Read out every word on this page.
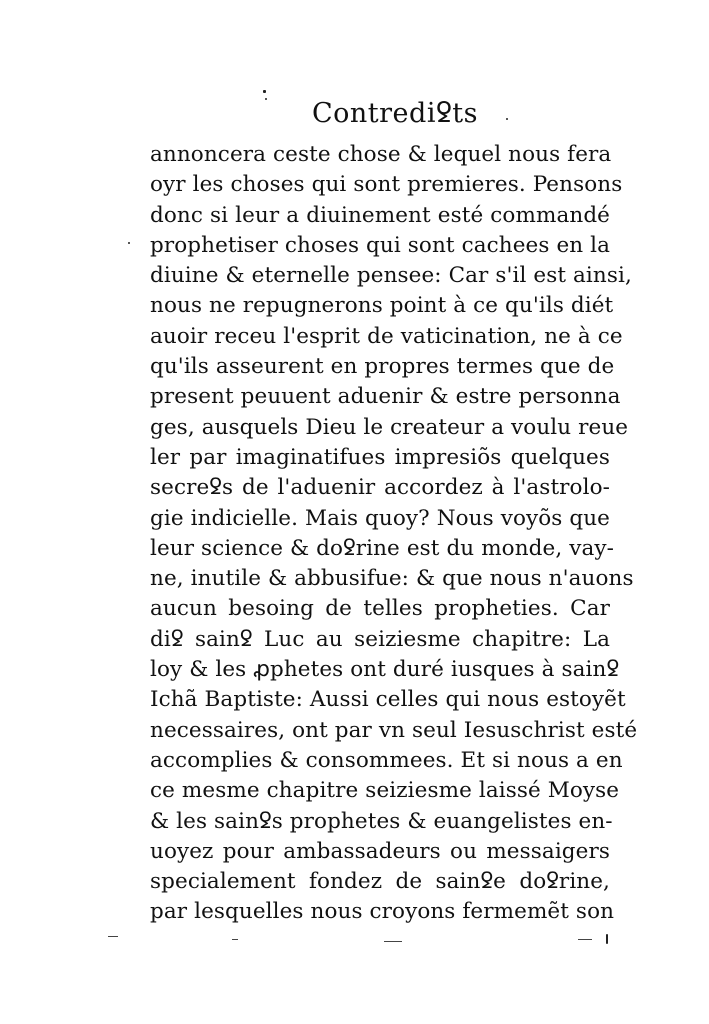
Contrediꝿts
annoncera ceste chose & lequel nous fera
oyr les choses qui sont premieres. Pensons
donc si leur a diuinement esté commandé
prophetiser choses qui sont cachees en la
diuine & eternelle pensee: Car s'il est ainsi,
nous ne repugnerons point à ce qu'ils diét
auoir receu l'esprit de vaticination, ne à ce
qu'ils asseurent en propres termes que de
present peuuent aduenir & estre personna
ges, ausquels Dieu le createur a voulu reue
ler par imaginatifues impresiõs quelques
secreꝿs de l'aduenir accordez à l'astrolo-
gie indicielle. Mais quoy? Nous voyõs que
leur science & doꝿrine est du monde, vay-
ne, inutile & abbusifue: & que nous n'auons
aucun besoing de telles propheties. Car
diꝿ sainꝿ Luc au seiziesme chapitre: La
loy & les ꝓphetes ont duré iusques à sainꝿ
Ichã Baptiste: Aussi celles qui nous estoyẽt
necessaires, ont par vn seul Iesuschrist esté
accomplies & consommees. Et si nous a en
ce mesme chapitre seiziesme laissé Moyse
& les sainꝿs prophetes & euangelistes en-
uoyez pour ambassadeurs ou messaigers
specialement fondez de sainꝿe doꝿrine,
par lesquelles nous croyons fermemẽt son
